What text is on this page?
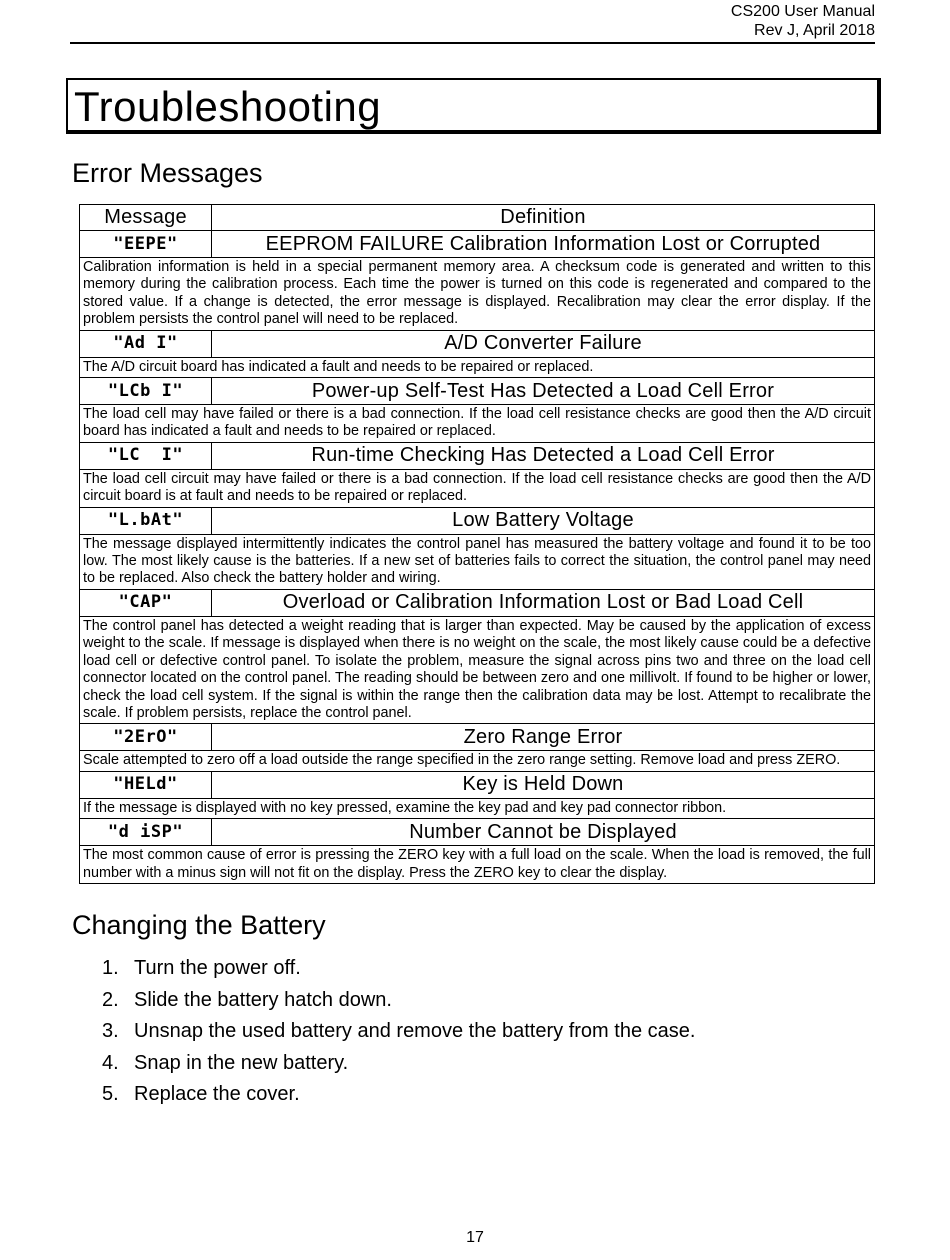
CS200 User Manual
Rev J, April 2018
Troubleshooting
Error Messages
Message	Definition
"EEPE"	EEPROM FAILURE Calibration Information Lost or Corrupted
Calibration information is held in a special permanent memory area. A checksum code is generated and written to this memory during the calibration process. Each time the power is turned on this code is regenerated and compared to the stored value. If a change is detected, the error message is displayed. Recalibration may clear the error display. If the problem persists the control panel will need to be replaced.	
"Ad I"	A/D Converter Failure
The A/D circuit board has indicated a fault and needs to be repaired or replaced.	
"LCb I"	Power-up Self-Test Has Detected a Load Cell Error
The load cell may have failed or there is a bad connection. If the load cell resistance checks are good then the A/D circuit board has indicated a fault and needs to be repaired or replaced.	
"LC  I"	Run-time Checking Has Detected a Load Cell Error
The load cell circuit may have failed or there is a bad connection. If the load cell resistance checks are good then the A/D circuit board is at fault and needs to be repaired or replaced.	
"L.bAt"	Low Battery Voltage
The message displayed intermittently indicates the control panel has measured the battery voltage and found it to be too low. The most likely cause is the batteries. If a new set of batteries fails to correct the situation, the control panel may need to be replaced. Also check the battery holder and wiring.	
"CAP"	Overload or Calibration Information Lost or Bad Load Cell
The control panel has detected a weight reading that is larger than expected. May be caused by the application of excess weight to the scale. If message is displayed when there is no weight on the scale, the most likely cause could be a defective load cell or defective control panel. To isolate the problem, measure the signal across pins two and three on the load cell connector located on the control panel. The reading should be between zero and one millivolt. If found to be higher or lower, check the load cell system. If the signal is within the range then the calibration data may be lost. Attempt to recalibrate the scale. If problem persists, replace the control panel.	
"2ErO"	Zero Range Error
Scale attempted to zero off a load outside the range specified in the zero range setting. Remove load and press ZERO.	
"HELd"	Key is Held Down
If the message is displayed with no key pressed, examine the key pad and key pad connector ribbon.	
"d iSP"	Number Cannot be Displayed
The most common cause of error is pressing the ZERO key with a full load on the scale. When the load is removed, the full number with a minus sign will not fit on the display. Press the ZERO key to clear the display.	
Changing the Battery
1. Turn the power off.
2. Slide the battery hatch down.
3. Unsnap the used battery and remove the battery from the case.
4. Snap in the new battery.
5. Replace the cover.
17
